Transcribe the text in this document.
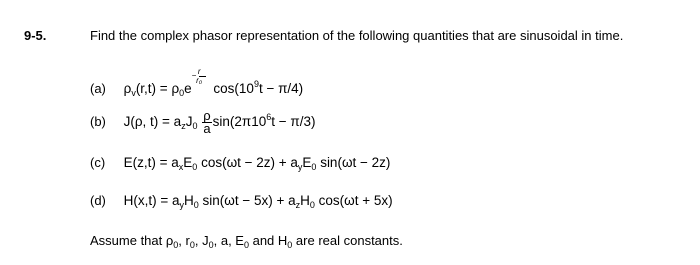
9-5.	Find the complex phasor representation of the following quantities that are sinusoidal in time.
(a) $\rho_v(r,t) = \rho_0e$
− r
r₀
$\cos(10^9t - \pi/4)$
(b) J(ρ, $t) = a_zJ_0 \frac{\rho}{a} \sin(2\pi 10^6t - \pi/3)$
(c) $E(z,t) = a_xE_0$ $\cos(\omega t - 2z) + a_yE_0$ sin(ωt − 2z)
(d) $H(x,t) = a_yH_0$ $\sin(\omega t - 5x) + a_zH_0$ cos(ωt + 5x)
Assume that $\rho_0$, $r_0$, $J_0$, a, $E_0$ and $H_0$ are real constants.
